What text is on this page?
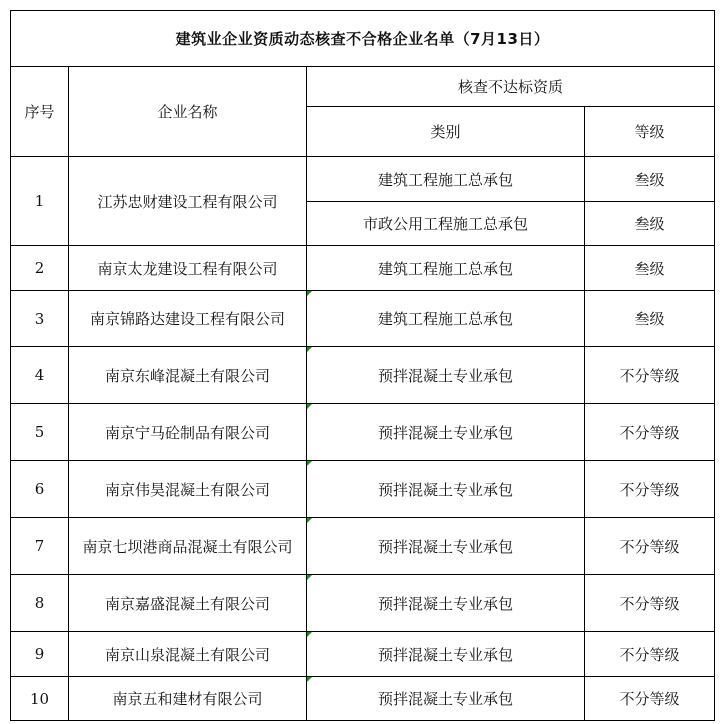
建筑业企业资质动态核查不合格企业名单（7月13日）			
序号	企业名称	核查不达标资质	
		类别	等级
1	江苏忠财建设工程有限公司	建筑工程施工总承包	叁级
		市政公用工程施工总承包	叁级
2	南京太龙建设工程有限公司	建筑工程施工总承包	叁级
3	南京锦路达建设工程有限公司	建筑工程施工总承包	叁级
4	南京东峰混凝土有限公司	预拌混凝土专业承包	不分等级
5	南京宁马砼制品有限公司	预拌混凝土专业承包	不分等级
6	南京伟昊混凝土有限公司	预拌混凝土专业承包	不分等级
7	南京七坝港商品混凝土有限公司	预拌混凝土专业承包	不分等级
8	南京嘉盛混凝土有限公司	预拌混凝土专业承包	不分等级
9	南京山泉混凝土有限公司	预拌混凝土专业承包	不分等级
10	南京五和建材有限公司	预拌混凝土专业承包	不分等级
